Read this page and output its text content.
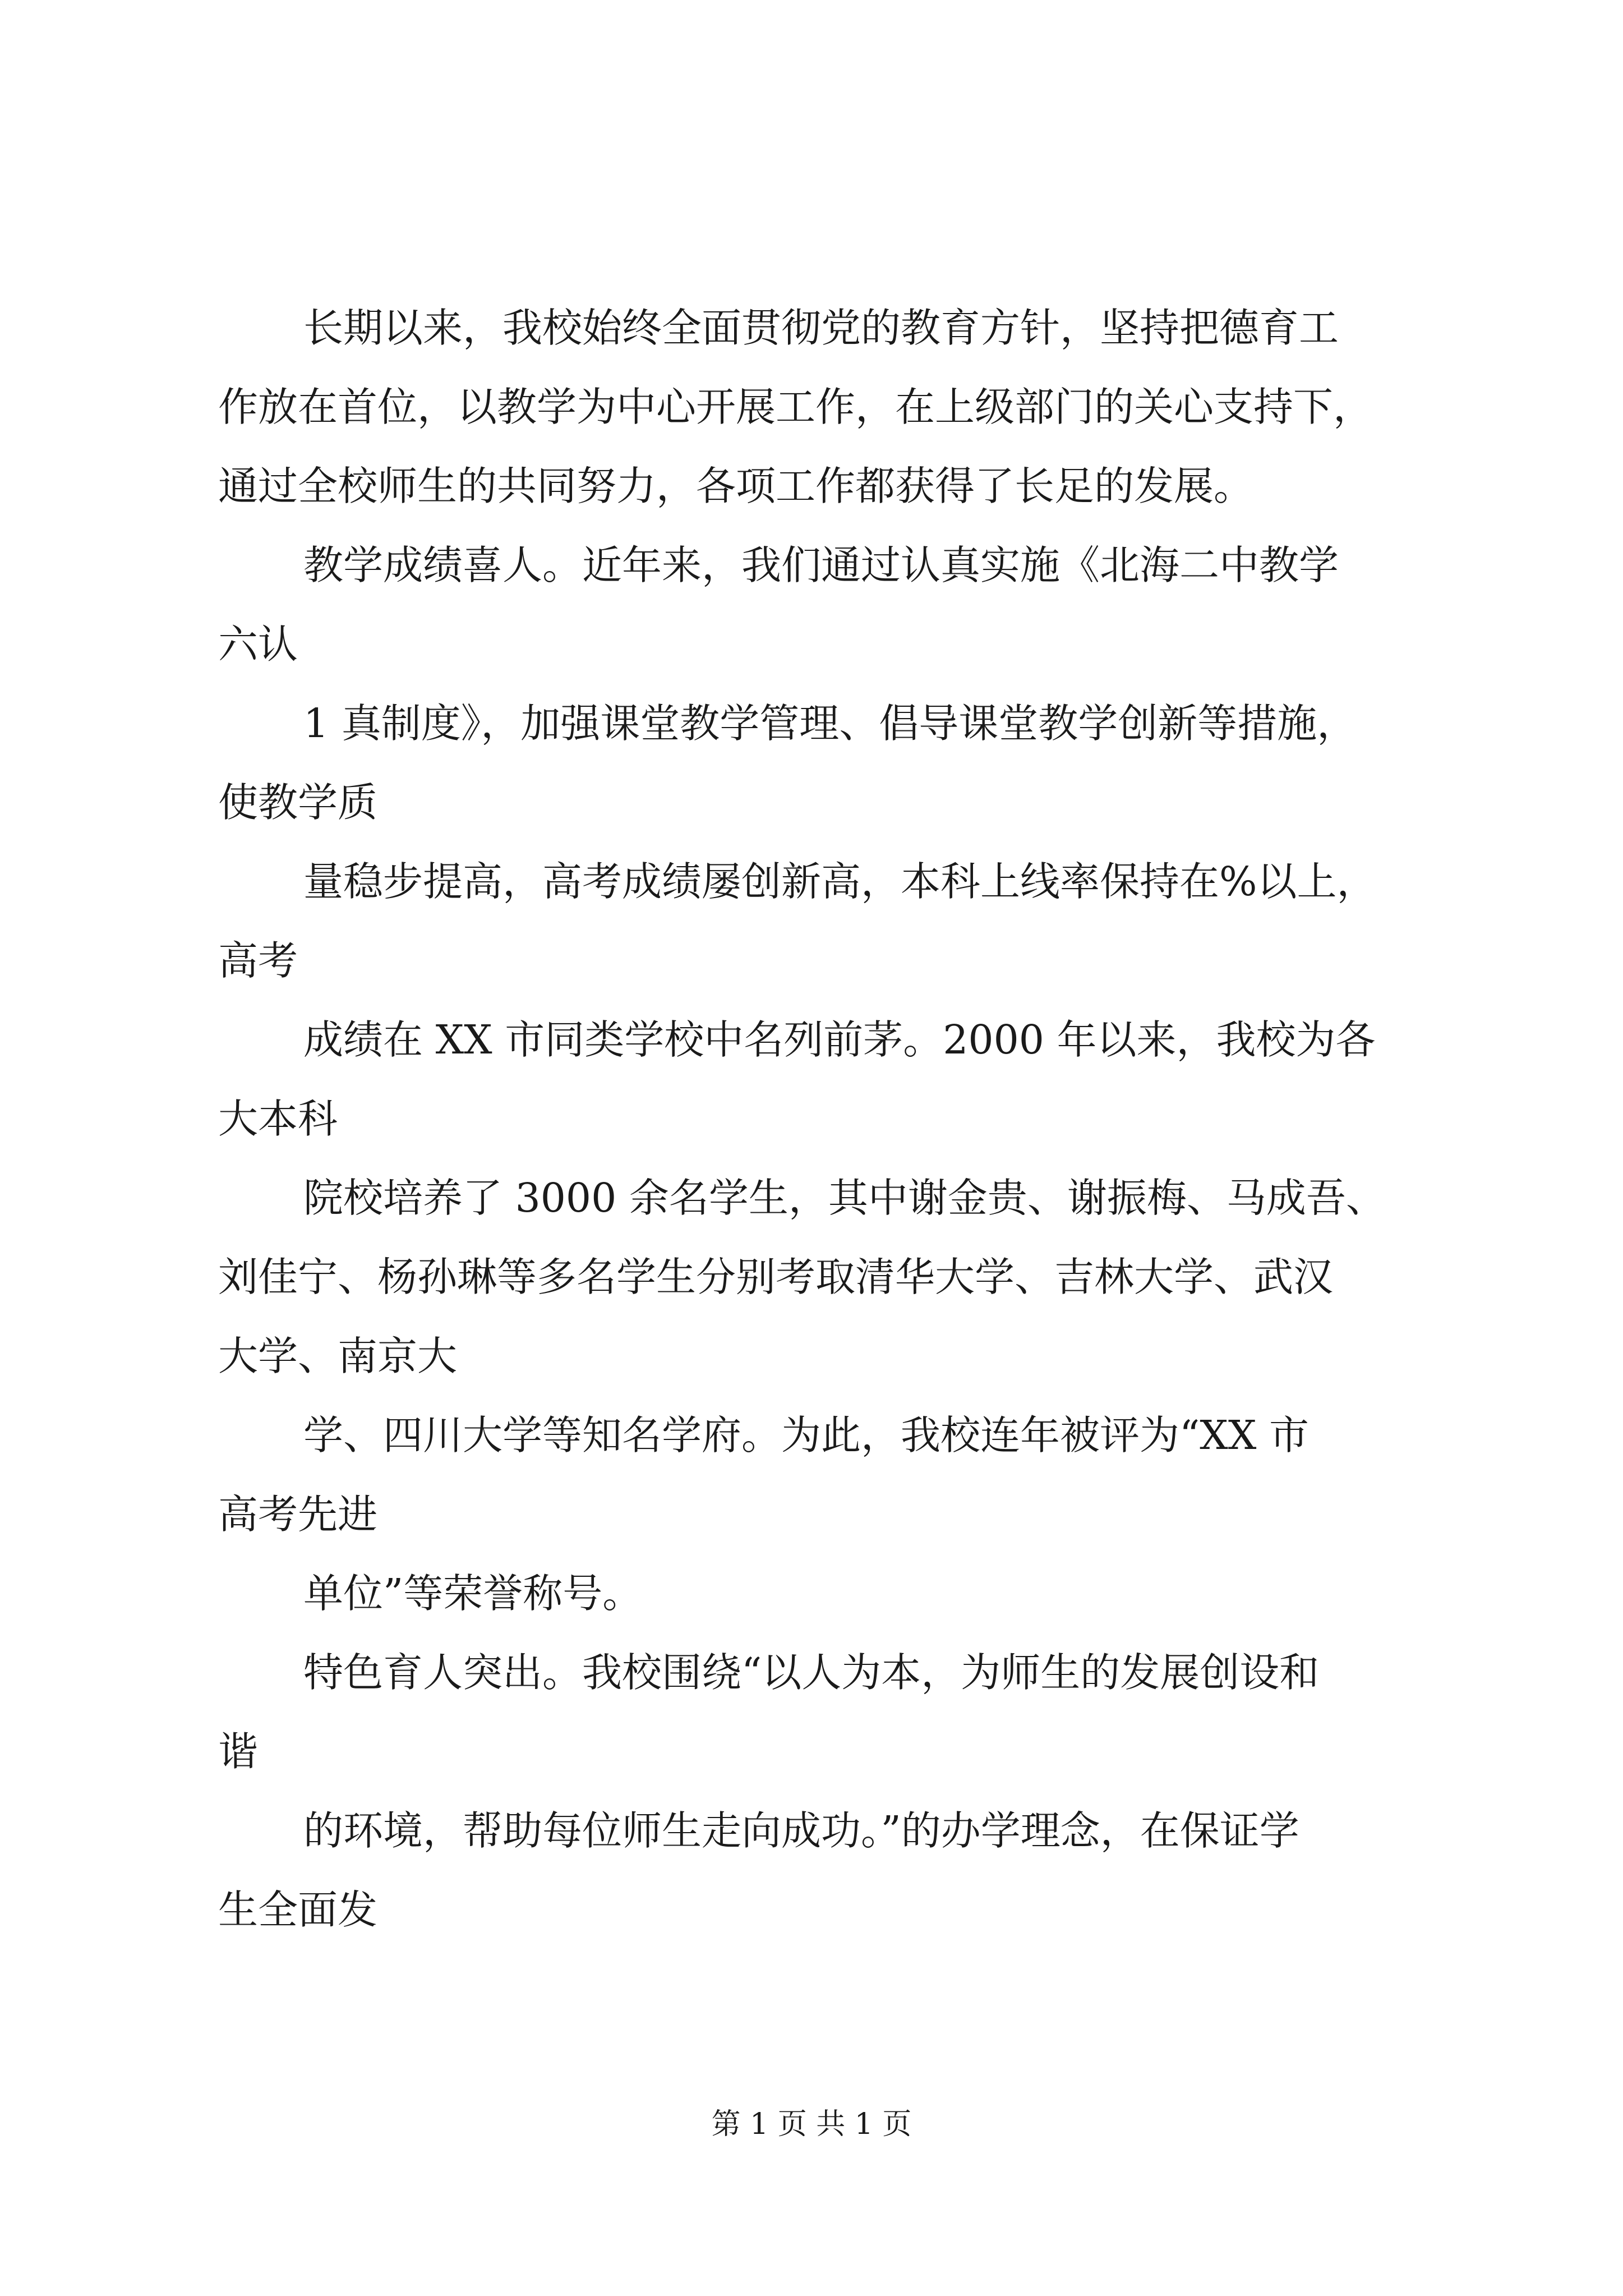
长期以来，我校始终全面贯彻党的教育方针，坚持把德育工
作放在首位，以教学为中心开展工作，在上级部门的关心支持下，
通过全校师生的共同努力，各项工作都获得了长足的发展。
教学成绩喜人。近年来，我们通过认真实施《北海二中教学
六认
1 真制度》，加强课堂教学管理、倡导课堂教学创新等措施，
使教学质
量稳步提高，高考成绩屡创新高，本科上线率保持在%以上，
高考
成绩在 XX 市同类学校中名列前茅。2000 年以来，我校为各
大本科
院校培养了 3000 余名学生，其中谢金贵、谢振梅、马成吾、
刘佳宁、杨孙琳等多名学生分别考取清华大学、吉林大学、武汉
大学、南京大
学、四川大学等知名学府。为此，我校连年被评为“XX 市
高考先进
单位”等荣誉称号。
特色育人突出。我校围绕“以人为本，为师生的发展创设和
谐
的环境，帮助每位师生走向成功。”的办学理念，在保证学
生全面发
第 1 页 共 1 页
